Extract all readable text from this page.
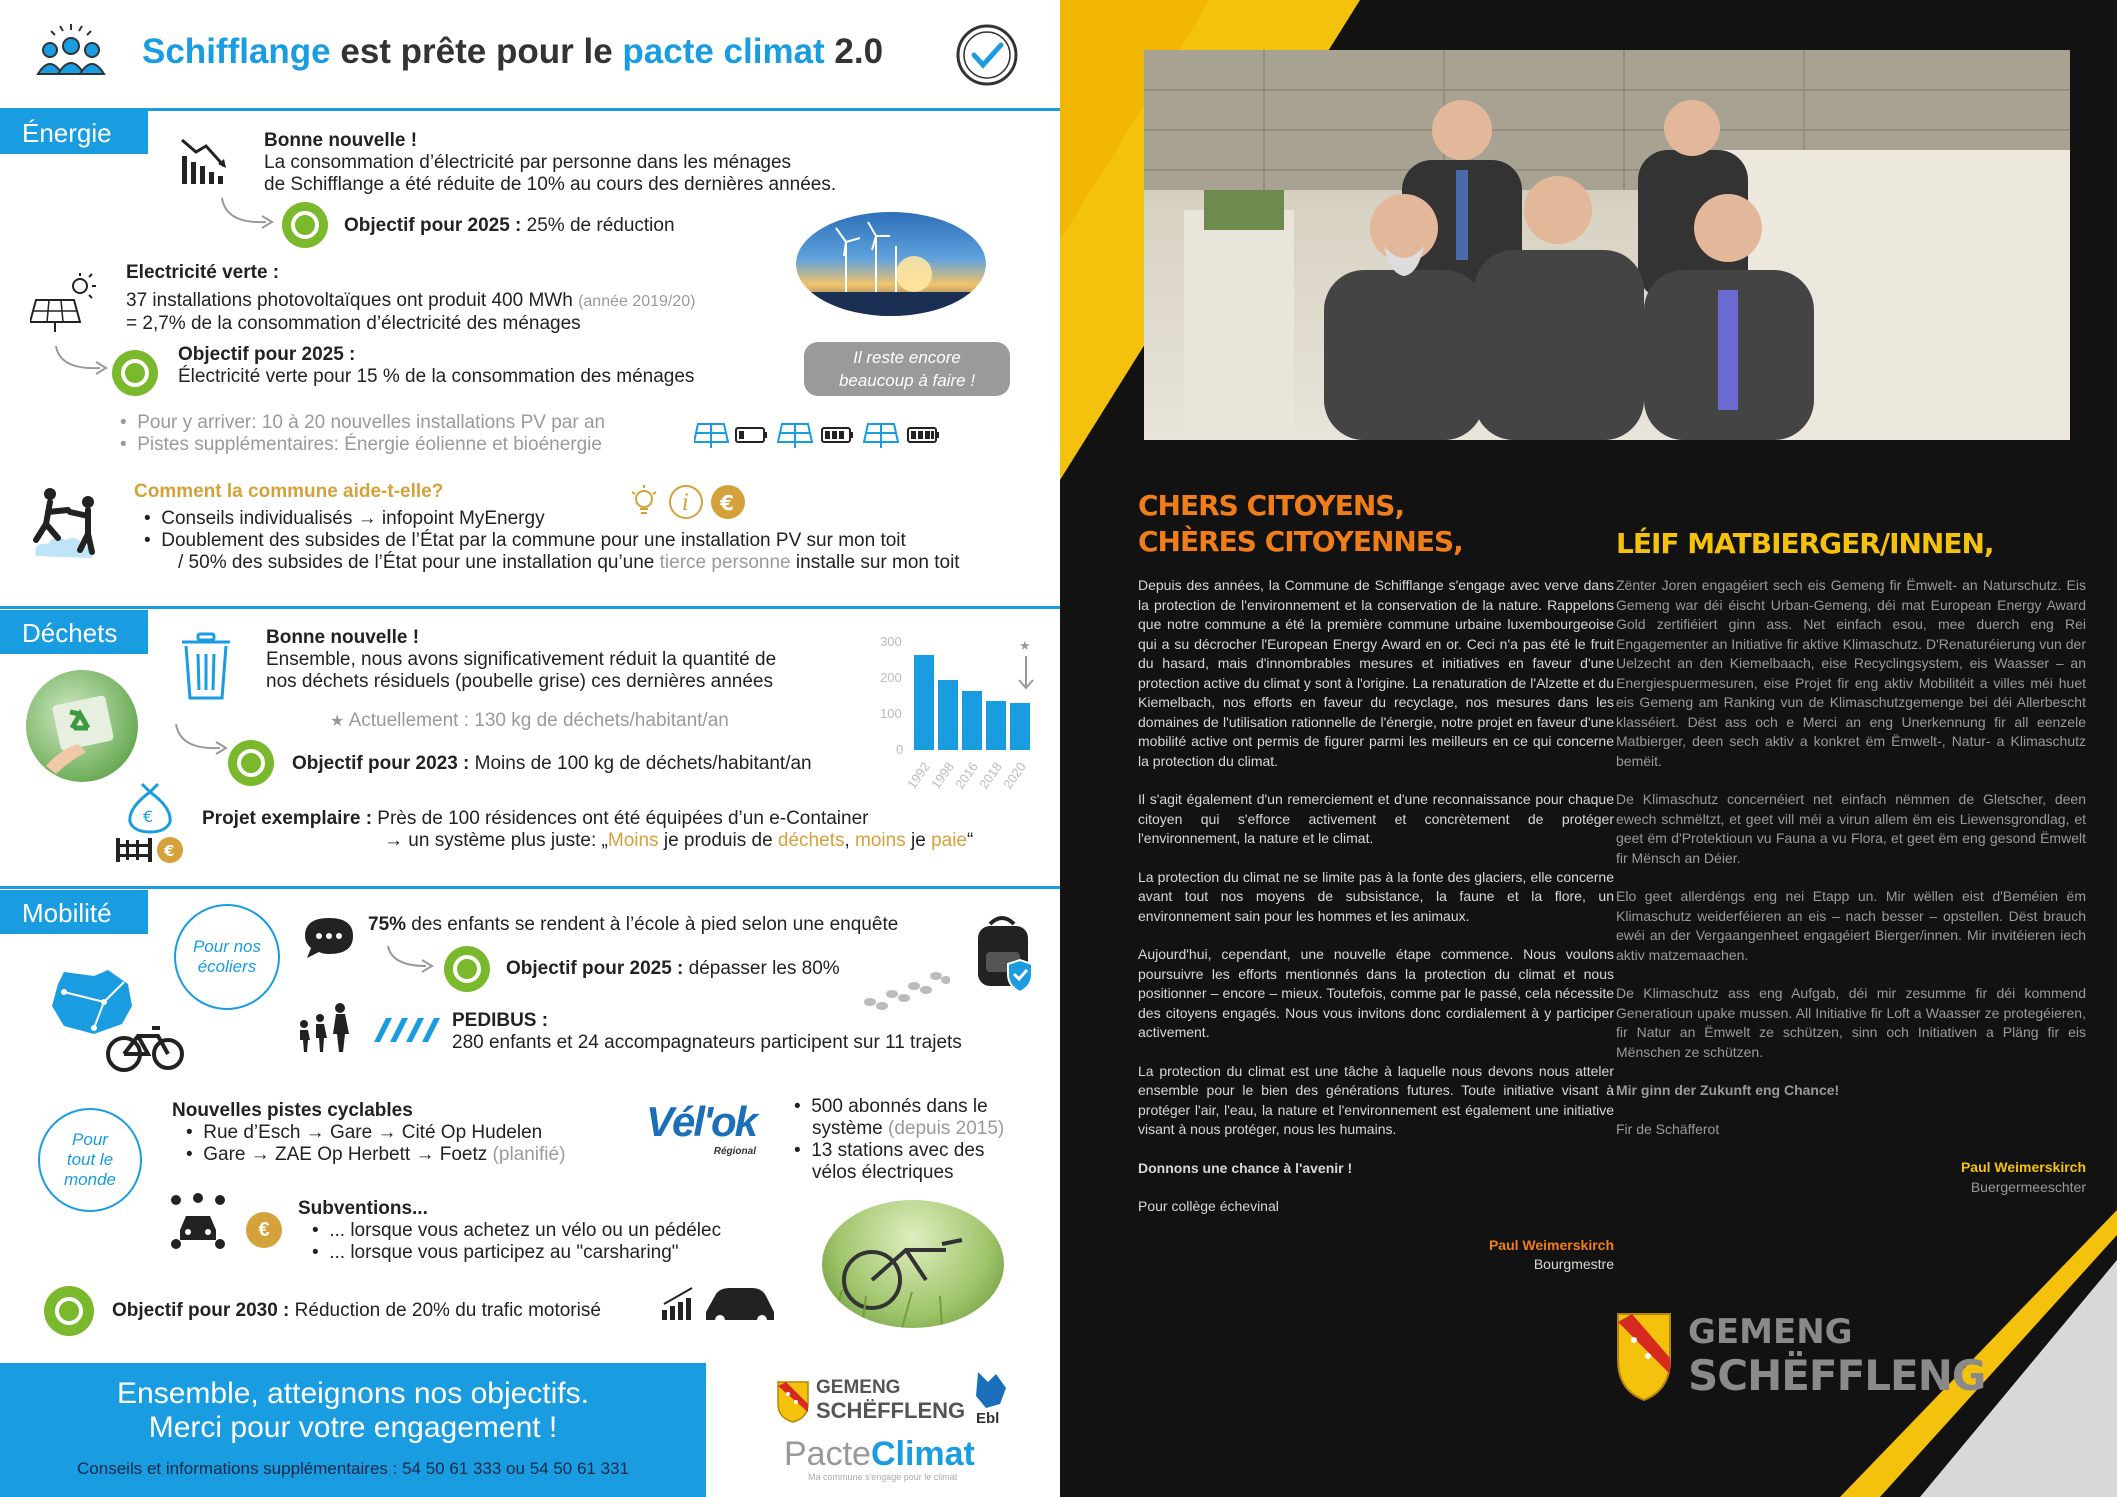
Schifflange est prête pour le pacte climat 2.0
Énergie	Bonne nouvelle !
La consommation d’électricité par personne dans les ménages
de Schifflange a été réduite de 10% au cours des dernières années.
Objectif pour 2025 : 25% de réduction
Electricité verte :
37 installations photovoltaïques ont produit 400 MWh (année 2019/20)
= 2,7% de la consommation d’électricité des ménages
Objectif pour 2025 :
Électricité verte pour 15 % de la consommation des ménages
Il reste encore beaucoup à faire !
•  Pour y arriver: 10 à 20 nouvelles installations PV par an
•  Pistes supplémentaires: Énergie éolienne et bioénergie
Comment la commune aide-t-elle?	i €
•  Conseils individualisés → infopoint MyEnergy
•  Doublement des subsides de l’État par la commune pour une installation PV sur mon toit
/ 50% des subsides de l’État pour une installation qu’une tierce personne installe sur mon toit
Déchets	Bonne nouvelle !
Ensemble, nous avons significativement réduit la quantité de
nos déchets résiduels (poubelle grise) ces dernières années
★ Actuellement : 130 kg de déchets/habitant/an
Objectif pour 2023 : Moins de 100 kg de déchets/habitant/an
300
200
100
0
1992
1998
2016
2018
2020
★
€
€
Projet exemplaire : Près de 100 résidences ont été équipées d’un e-Container
→ un système plus juste: „Moins je produis de déchets, moins je paie“
Mobilité
Pour nos écoliers
75% des enfants se rendent à l’école à pied selon une enquête
Objectif pour 2025 : dépasser les 80%
PEDIBUS :
280 enfants et 24 accompagnateurs participent sur 11 trajets
Pour tout le monde
Nouvelles pistes cyclables
•  Rue d’Esch → Gare → Cité Op Hudelen
•  Gare → ZAE Op Herbett → Foetz (planifié)
Vél'ok
Régional
•  500 abonnés dans le
système (depuis 2015)
•  13 stations avec des
vélos électriques
€
Subventions...
•  ... lorsque vous achetez un vélo ou un pédélec
•  ... lorsque vous participez au "carsharing"
Objectif pour 2030 : Réduction de 20% du trafic motorisé
Ensemble, atteignons nos objectifs.
Merci pour votre engagement !
Conseils et informations supplémentaires : 54 50 61 333 ou 54 50 61 331
GEMENG
SCHËFFLENG Ebl
PacteClimat
Ma commune s'engage pour le climat
CHERS CITOYENS,
CHÈRES CITOYENNES,

Depuis des années, la Commune de Schifflange s'engage avec verve dans la protection de l'environnement et la conservation de la nature. Rappelons que notre commune a été la première commune urbaine luxembourgeoise qui a su décrocher l'European Energy Award en or. Ceci n'a pas été le fruit du hasard, mais d'innombrables mesures et initiatives en faveur d'une protection active du climat y sont à l'origine. La renaturation de l'Alzette et du Kiemelbach, nos efforts en faveur du recyclage, nos mesures dans les domaines de l'utilisation rationnelle de l'énergie, notre projet en faveur d'une mobilité active ont permis de figurer parmi les meilleurs en ce qui concerne la protection du climat.

Il s'agit également d'un remerciement et d'une reconnaissance pour chaque citoyen qui s'efforce activement et concrètement de protéger l'environnement, la nature et le climat.

La protection du climat ne se limite pas à la fonte des glaciers, elle concerne avant tout nos moyens de subsistance, la faune et la flore, un environnement sain pour les hommes et les animaux.

Aujourd'hui, cependant, une nouvelle étape commence. Nous voulons poursuivre les efforts mentionnés dans la protection du climat et nous positionner – encore – mieux. Toutefois, comme par le passé, cela nécessite des citoyens engagés. Nous vous invitons donc cordialement à y participer activement.

La protection du climat est une tâche à laquelle nous devons nous atteler ensemble pour le bien des générations futures. Toute initiative visant à protéger l'air, l'eau, la nature et l'environnement est également une initiative visant à nous protéger, nous les humains.

Donnons une chance à l'avenir !

Pour collège échevinal

Paul Weimerskirch

Bourgmestre

LÉIF MATBIERGER/INNEN,

Zënter Joren engagéiert sech eis Gemeng fir Ëmwelt- an Naturschutz. Eis Gemeng war déi éischt Urban-Gemeng, déi mat European Energy Award Gold zertifiéiert ginn ass. Net einfach esou, mee duerch eng Rei Engagementer an Initiative fir aktive Klimaschutz. D'Renaturéierung vun der Uelzecht an den Kiemelbaach, eise Recyclingsystem, eis Waasser – an Energiespuermesuren, eise Projet fir eng aktiv Mobilitéit a villes méi huet eis Gemeng am Ranking vun de Klimaschutzgemenge bei déi Allerbescht klasséiert. Dëst ass och e Merci an eng Unerkennung fir all eenzele Matbierger, deen sech aktiv a konkret ëm Ëmwelt-, Natur- a Klimaschutz bemëit.

De Klimaschutz concernéiert net einfach nëmmen de Gletscher, deen ewech schmëltzt, et geet vill méi a virun allem ëm eis Liewensgrondlag, et geet ëm d'Protektioun vu Fauna a vu Flora, et geet ëm eng gesond Ëmwelt fir Mënsch an Déier.

Elo geet allerdéngs eng nei Etapp un. Mir wëllen eist d'Beméien ëm Klimaschutz weiderféieren an eis – nach besser – opstellen. Dëst brauch ewéi an der Vergaangenheet engagéiert Bierger/innen. Mir invitéieren iech aktiv matzemaachen.

De Klimaschutz ass eng Aufgab, déi mir zesumme fir déi kommend Generatioun upake mussen. All Initiative fir Loft a Waasser ze protegéieren, fir Natur an Ëmwelt ze schützen, sinn och Initiativen a Pläng fir eis Mënschen ze schützen.

Mir ginn der Zukunft eng Chance!

Fir de Schäfferot

Paul Weimerskirch

Buergermeeschter

GEMENG
SCHËFFLENG
